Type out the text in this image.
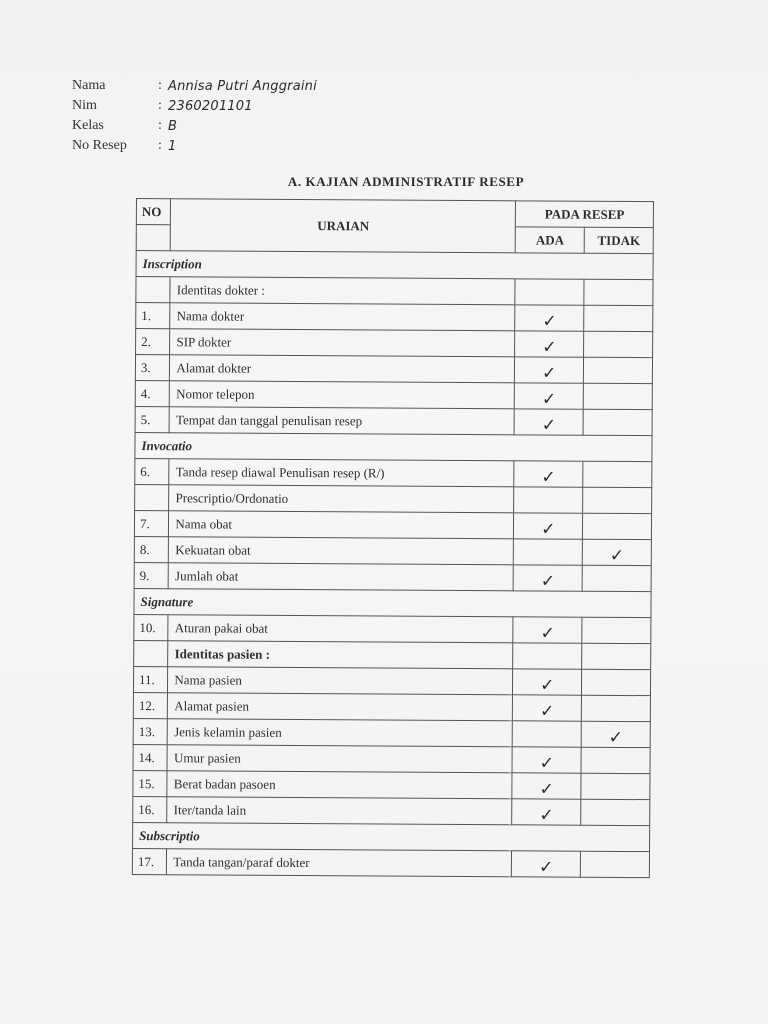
Nama	: Annisa Putri Anggraini
Nim	: 2360201101
Kelas	: B
No Resep	: 1
A. KAJIAN ADMINISTRATIF RESEP
NO	URAIAN	PADA RESEP	
		ADA	TIDAK
Inscription			
	Identitas dokter :		
1.	Nama dokter	✓	
2.	SIP dokter	✓	
3.	Alamat dokter	✓	
4.	Nomor telepon	✓	
5.	Tempat dan tanggal penulisan resep	✓	
Invocatio			
6.	Tanda resep diawal Penulisan resep (R/)	✓	
	Prescriptio/Ordonatio		
7.	Nama obat	✓	
8.	Kekuatan obat		✓
9.	Jumlah obat	✓	
Signature			
10.	Aturan pakai obat	✓	
	Identitas pasien :		
11.	Nama pasien	✓	
12.	Alamat pasien	✓	
13.	Jenis kelamin pasien		✓
14.	Umur pasien	✓	
15.	Berat badan pasoen	✓	
16.	Iter/tanda lain	✓	
Subscriptio			
17.	Tanda tangan/paraf dokter	✓	
